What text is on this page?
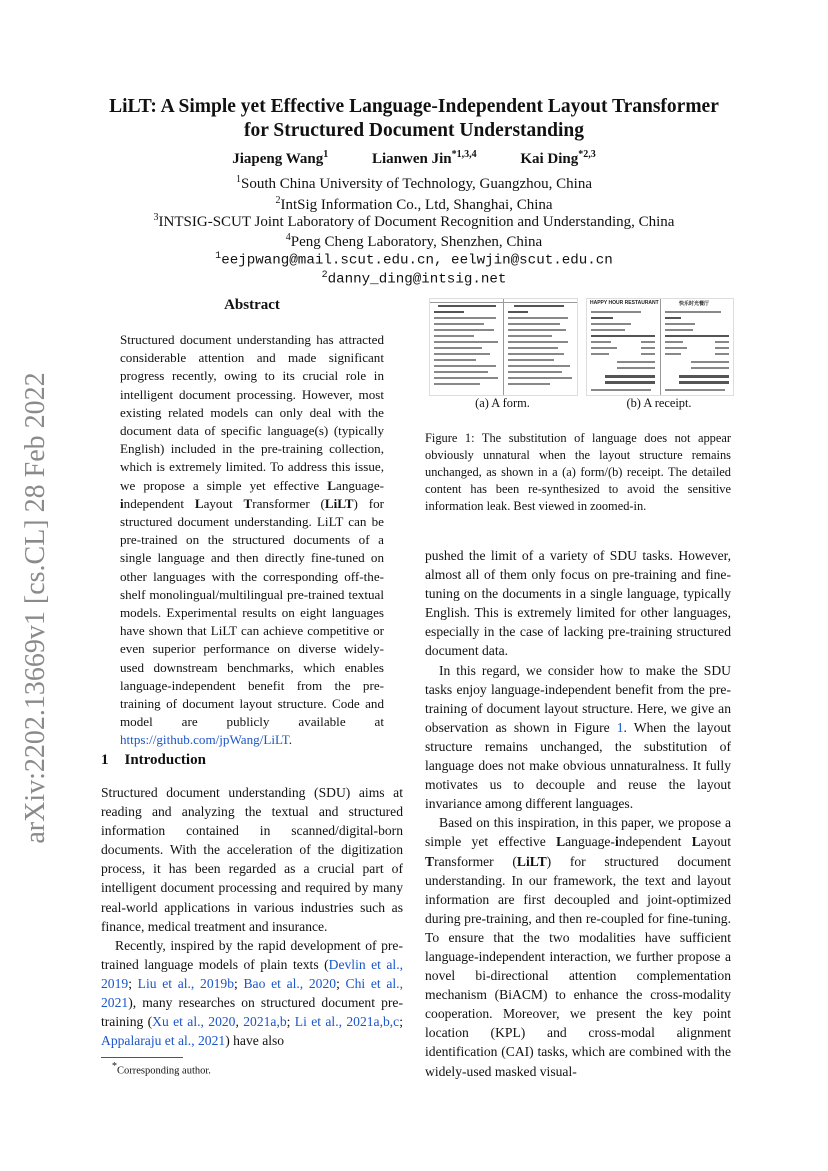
LiLT: A Simple yet Effective Language-Independent Layout Transformer
for Structured Document Understanding
Jiapeng Wang$^1$	Lianwen Jin$^{*1,3,4}$	Kai Ding$^{*2,3}$
$^1$South China University of Technology, Guangzhou, China
$^2$IntSig Information Co., Ltd, Shanghai, China
$^3$INTSIG-SCUT Joint Laboratory of Document Recognition and Understanding, China
$^4$Peng Cheng Laboratory, Shenzhen, China
$^1$eejpwang@mail.scut.edu.cn, eelwjin@scut.edu.cn
$^2$danny_ding@intsig.net
arXiv:2202.13669v1 [cs.CL] 28 Feb 2022
Abstract
Structured document understanding has attracted considerable attention and made significant progress recently, owing to its crucial role in intelligent document processing. However, most existing related models can only deal with the document data of specific language(s) (typically English) included in the pre-training collection, which is extremely limited. To address this issue, we propose a simple yet effective Language-independent Layout Transformer (LiLT) for structured document understanding. LiLT can be pre-trained on the structured documents of a single language and then directly fine-tuned on other languages with the corresponding off-the-shelf monolingual/multilingual pre-trained textual models. Experimental results on eight languages have shown that LiLT can achieve competitive or even superior performance on diverse widely-used downstream benchmarks, which enables language-independent benefit from the pre-training of document layout structure. Code and model are publicly available at https://github.com/jpWang/LiLT.
1 Introduction

Structured document understanding (SDU) aims at reading and analyzing the textual and structured information contained in scanned/digital-born documents. With the acceleration of the digitization process, it has been regarded as a crucial part of intelligent document processing and required by many real-world applications in various industries such as finance, medical treatment and insurance.

Recently, inspired by the rapid development of pre-trained language models of plain texts (Devlin et al., 2019; Liu et al., 2019b; Bao et al., 2020; Chi et al., 2021), many researches on structured document pre-training (Xu et al., 2020, 2021a,b; Li et al., 2021a,b,c; Appalaraju et al., 2021) have also

*Corresponding author.
HAPPY HOUR RESTAURANT	快乐时光餐厅
(a) A form.	(b) A receipt.
Figure 1: The substitution of language does not appear obviously unnatural when the layout structure remains unchanged, as shown in a (a) form/(b) receipt. The detailed content has been re-synthesized to avoid the sensitive information leak. Best viewed in zoomed-in.

pushed the limit of a variety of SDU tasks. However, almost all of them only focus on pre-training and fine-tuning on the documents in a single language, typically English. This is extremely limited for other languages, especially in the case of lacking pre-training structured document data.

In this regard, we consider how to make the SDU tasks enjoy language-independent benefit from the pre-training of document layout structure. Here, we give an observation as shown in Figure 1. When the layout structure remains unchanged, the substitution of language does not make obvious unnaturalness. It fully motivates us to decouple and reuse the layout invariance among different languages.

Based on this inspiration, in this paper, we propose a simple yet effective Language-independent Layout Transformer (LiLT) for structured document understanding. In our framework, the text and layout information are first decoupled and joint-optimized during pre-training, and then re-coupled for fine-tuning. To ensure that the two modalities have sufficient language-independent interaction, we further propose a novel bi-directional attention complementation mechanism (BiACM) to enhance the cross-modality cooperation. Moreover, we present the key point location (KPL) and cross-modal alignment identification (CAI) tasks, which are combined with the widely-used masked visual-
